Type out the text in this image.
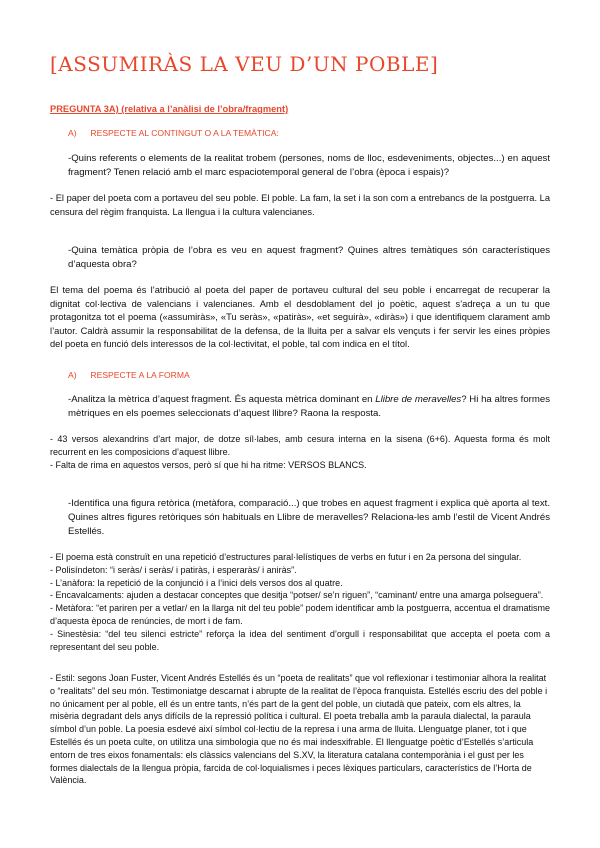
[ASSUMIRÀS LA VEU D’UN POBLE]
PREGUNTA 3A) (relativa a l’anàlisi de l’obra/fragment)
A) RESPECTE AL CONTINGUT O A LA TEMÀTICA:
-Quins referents o elements de la realitat trobem (persones, noms de lloc, esdeveniments, objectes...) en aquest fragment? Tenen relació amb el marc espaciotemporal general de l’obra (època i espais)?
- El paper del poeta com a portaveu del seu poble. El poble. La fam, la set i la son com a entrebancs de la postguerra. La censura del règim franquista. La llengua i la cultura valencianes.
-Quina temàtica pròpia de l’obra es veu en aquest fragment? Quines altres temàtiques són característiques d’aquesta obra?
El tema del poema és l’atribució al poeta del paper de portaveu cultural del seu poble i encarregat de recuperar la dignitat col·lectiva de valencians i valencianes. Amb el desdoblament del jo poètic, aquest s’adreça a un tu que protagonitza tot el poema («assumiràs», «Tu seràs», «patiràs», «et seguirà», «diràs») i que identifiquem clarament amb l’autor. Caldrà assumir la responsabilitat de la defensa, de la lluita per a salvar els vençuts i fer servir les eines pròpies del poeta en funció dels interessos de la col·lectivitat, el poble, tal com indica en el títol.
A) RESPECTE A LA FORMA
-Analitza la mètrica d’aquest fragment. És aquesta mètrica dominant en Llibre de meravelles? Hi ha altres formes mètriques en els poemes seleccionats d’aquest llibre? Raona la resposta.
- 43 versos alexandrins d’art major, de dotze síl·labes, amb cesura interna en la sisena (6+6). Aquesta forma és molt recurrent en les composicions d’aquest llibre.
- Falta de rima en aquestos versos, però sí que hi ha ritme: VERSOS BLANCS.
-Identifica una figura retòrica (metàfora, comparació...) que trobes en aquest fragment i explica què aporta al text. Quines altres figures retòriques són habituals en Llibre de meravelles? Relaciona-les amb l’estil de Vicent Andrés Estellés.
- El poema està construït en una repetició d’estructures paral·lelístiques de verbs en futur i en 2a persona del singular.
- Polisíndeton: “i seràs/ i seràs/ i patiràs, i esperaràs/ i aniràs”.
- L’anàfora: la repetició de la conjunció i a l’inici dels versos dos al quatre.
- Encavalcaments: ajuden a destacar conceptes que desitja “potser/ se’n riguen”, “caminant/ entre una amarga polseguera”.
- Metàfora: “et pariren per a vetlar/ en la llarga nit del teu poble” podem identificar amb la postguerra, accentua el dramatisme d’aquesta època de renúncies, de mort i de fam.
- Sinestèsia: “del teu silenci estricte” reforça la idea del sentiment d’orgull i responsabilitat que accepta el poeta com a representant del seu poble.
- Estil: segons Joan Fuster, Vicent Andrés Estellés és un “poeta de realitats” que vol reflexionar i testimoniar alhora la realitat o “realitats” del seu món. Testimoniatge descarnat i abrupte de la realitat de l’època franquista. Estellés escriu des del poble i no únicament per al poble, ell és un entre tants, n’és part de la gent del poble, un ciutadà que pateix, com els altres, la misèria degradant dels anys difícils de la repressió política i cultural. El poeta treballa amb la paraula dialectal, la paraula símbol d’un poble. La poesia esdevé així símbol col·lectiu de la represa i una arma de lluita. Llenguatge planer, tot i que Estellés és un poeta culte, on utilitza una simbologia que no és mai indesxifrable. El llenguatge poètic d’Estellés s’articula entorn de tres eixos fonamentals: els clàssics valencians del S.XV, la literatura catalana contemporània i el gust per les formes dialectals de la llengua pròpia, farcida de col·loquialismes i peces lèxiques particulars, característics de l’Horta de València.
